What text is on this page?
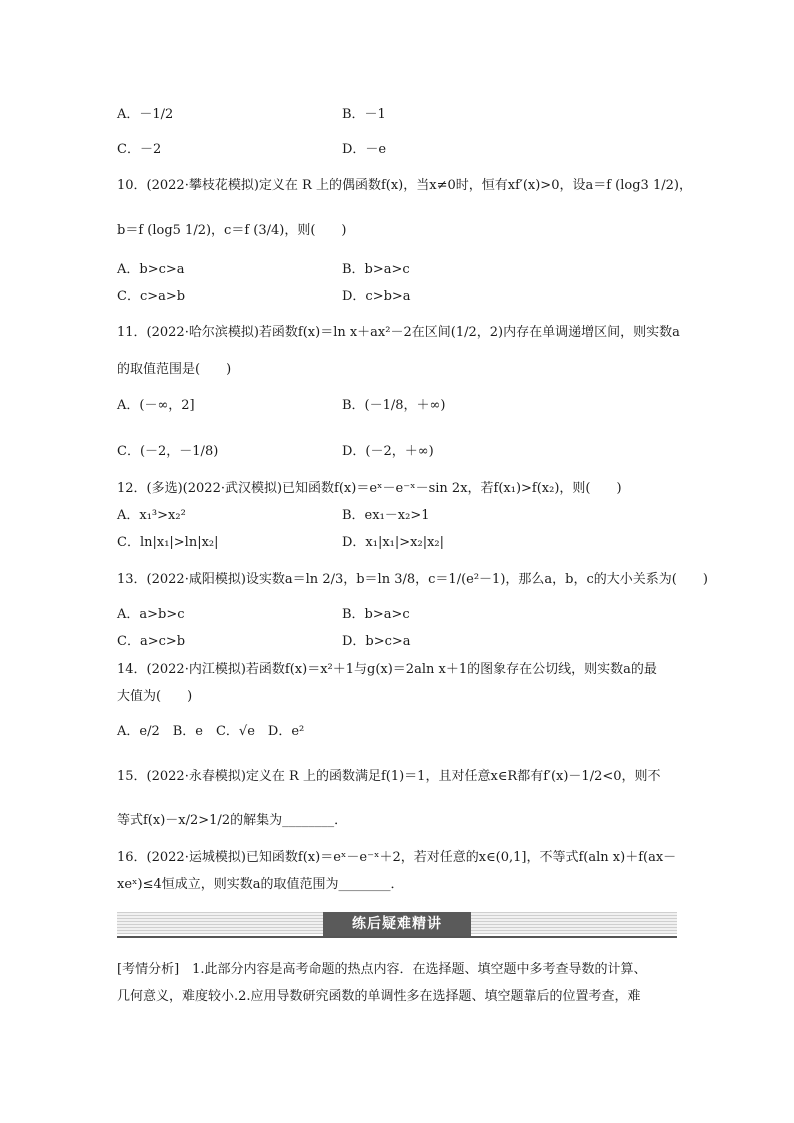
A．－1/2	B．－1
C．－2	D．－e
10．(2022·攀枝花模拟)定义在 R 上的偶函数f(x)，当x≠0时，恒有xf′(x)>0，设a＝f (log3 1/2)，
b＝f (log5 1/2)，c＝f (3/4)，则(　　)
A．b>c>a	B．b>a>c
C．c>a>b	D．c>b>a
11．(2022·哈尔滨模拟)若函数f(x)＝ln x＋ax²－2在区间(1/2，2)内存在单调递增区间，则实数a
的取值范围是(　　)
A．(－∞，2]	B．(－1/8，＋∞)
C．(－2，－1/8)	D．(－2，＋∞)
12．(多选)(2022·武汉模拟)已知函数f(x)＝eˣ－e⁻ˣ－sin 2x，若f(x₁)>f(x₂)，则(　　)
A．x₁³>x₂²	B．ex₁－x₂>1
C．ln|x₁|>ln|x₂|	D．x₁|x₁|>x₂|x₂|
13．(2022·咸阳模拟)设实数a＝ln 2/3，b＝ln 3/8，c＝1/(e²－1)，那么a，b，c的大小关系为(　　)
A．a>b>c	B．b>a>c
C．a>c>b	D．b>c>a
14．(2022·内江模拟)若函数f(x)＝x²＋1与g(x)＝2aln x＋1的图象存在公切线，则实数a的最
大值为(　　)
A．e/2　B．e　C．√e　D．e²
15．(2022·永春模拟)定义在 R 上的函数满足f(1)＝1，且对任意x∈R都有f′(x)－1/2<0，则不
等式f(x)－x/2>1/2的解集为________．
16．(2022·运城模拟)已知函数f(x)＝eˣ－e⁻ˣ＋2，若对任意的x∈(0,1]，不等式f(aln x)＋f(ax－
xeˣ)≤4恒成立，则实数a的取值范围为________．
练后疑难精讲
[考情分析]　1.此部分内容是高考命题的热点内容．在选择题、填空题中多考查导数的计算、
几何意义，难度较小.2.应用导数研究函数的单调性多在选择题、填空题靠后的位置考查，难
